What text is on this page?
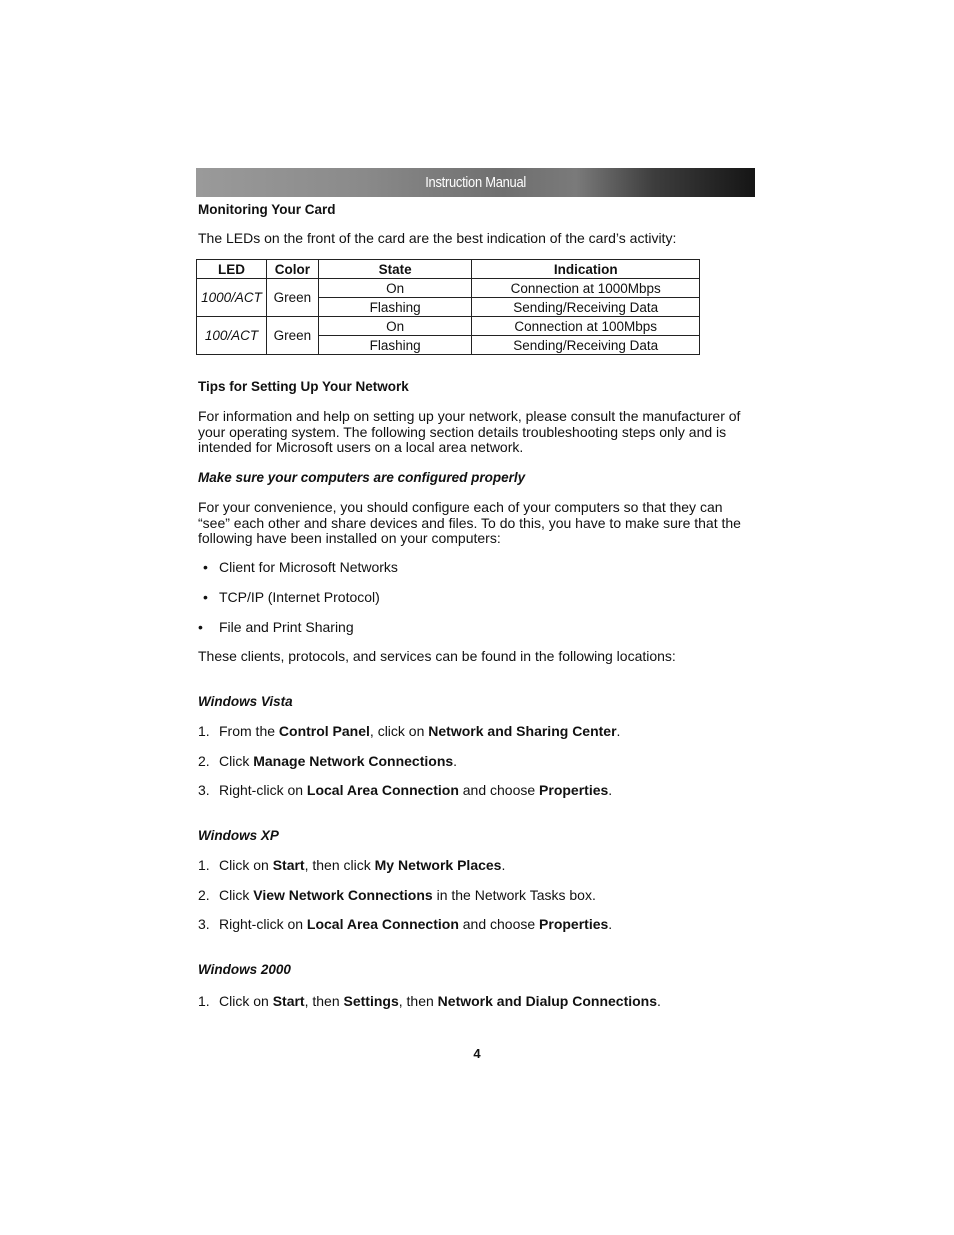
Instruction Manual
Monitoring Your Card
The LEDs on the front of the card are the best indication of the card’s activity:
LED	Color	State	Indication
1000/ACT	Green	On	Connection at 1000Mbps
		Flashing	Sending/Receiving Data
100/ACT	Green	On	Connection at 100Mbps
		Flashing	Sending/Receiving Data
Tips for Setting Up Your Network
For information and help on setting up your network, please consult the manufacturer of
your operating system. The following section details troubleshooting steps only and is
intended for Microsoft users on a local area network.
Make sure your computers are configured properly
For your convenience, you should configure each of your computers so that they can
“see” each other and share devices and files. To do this, you have to make sure that the
following have been installed on your computers:
• Client for Microsoft Networks
• TCP/IP (Internet Protocol)
• File and Print Sharing
These clients, protocols, and services can be found in the following locations:
Windows Vista
1. From the Control Panel, click on Network and Sharing Center.
2. Click Manage Network Connections.
3. Right-click on Local Area Connection and choose Properties.
Windows XP
1. Click on Start, then click My Network Places.
2. Click View Network Connections in the Network Tasks box.
3. Right-click on Local Area Connection and choose Properties.
Windows 2000
1. Click on Start, then Settings, then Network and Dialup Connections.
4
